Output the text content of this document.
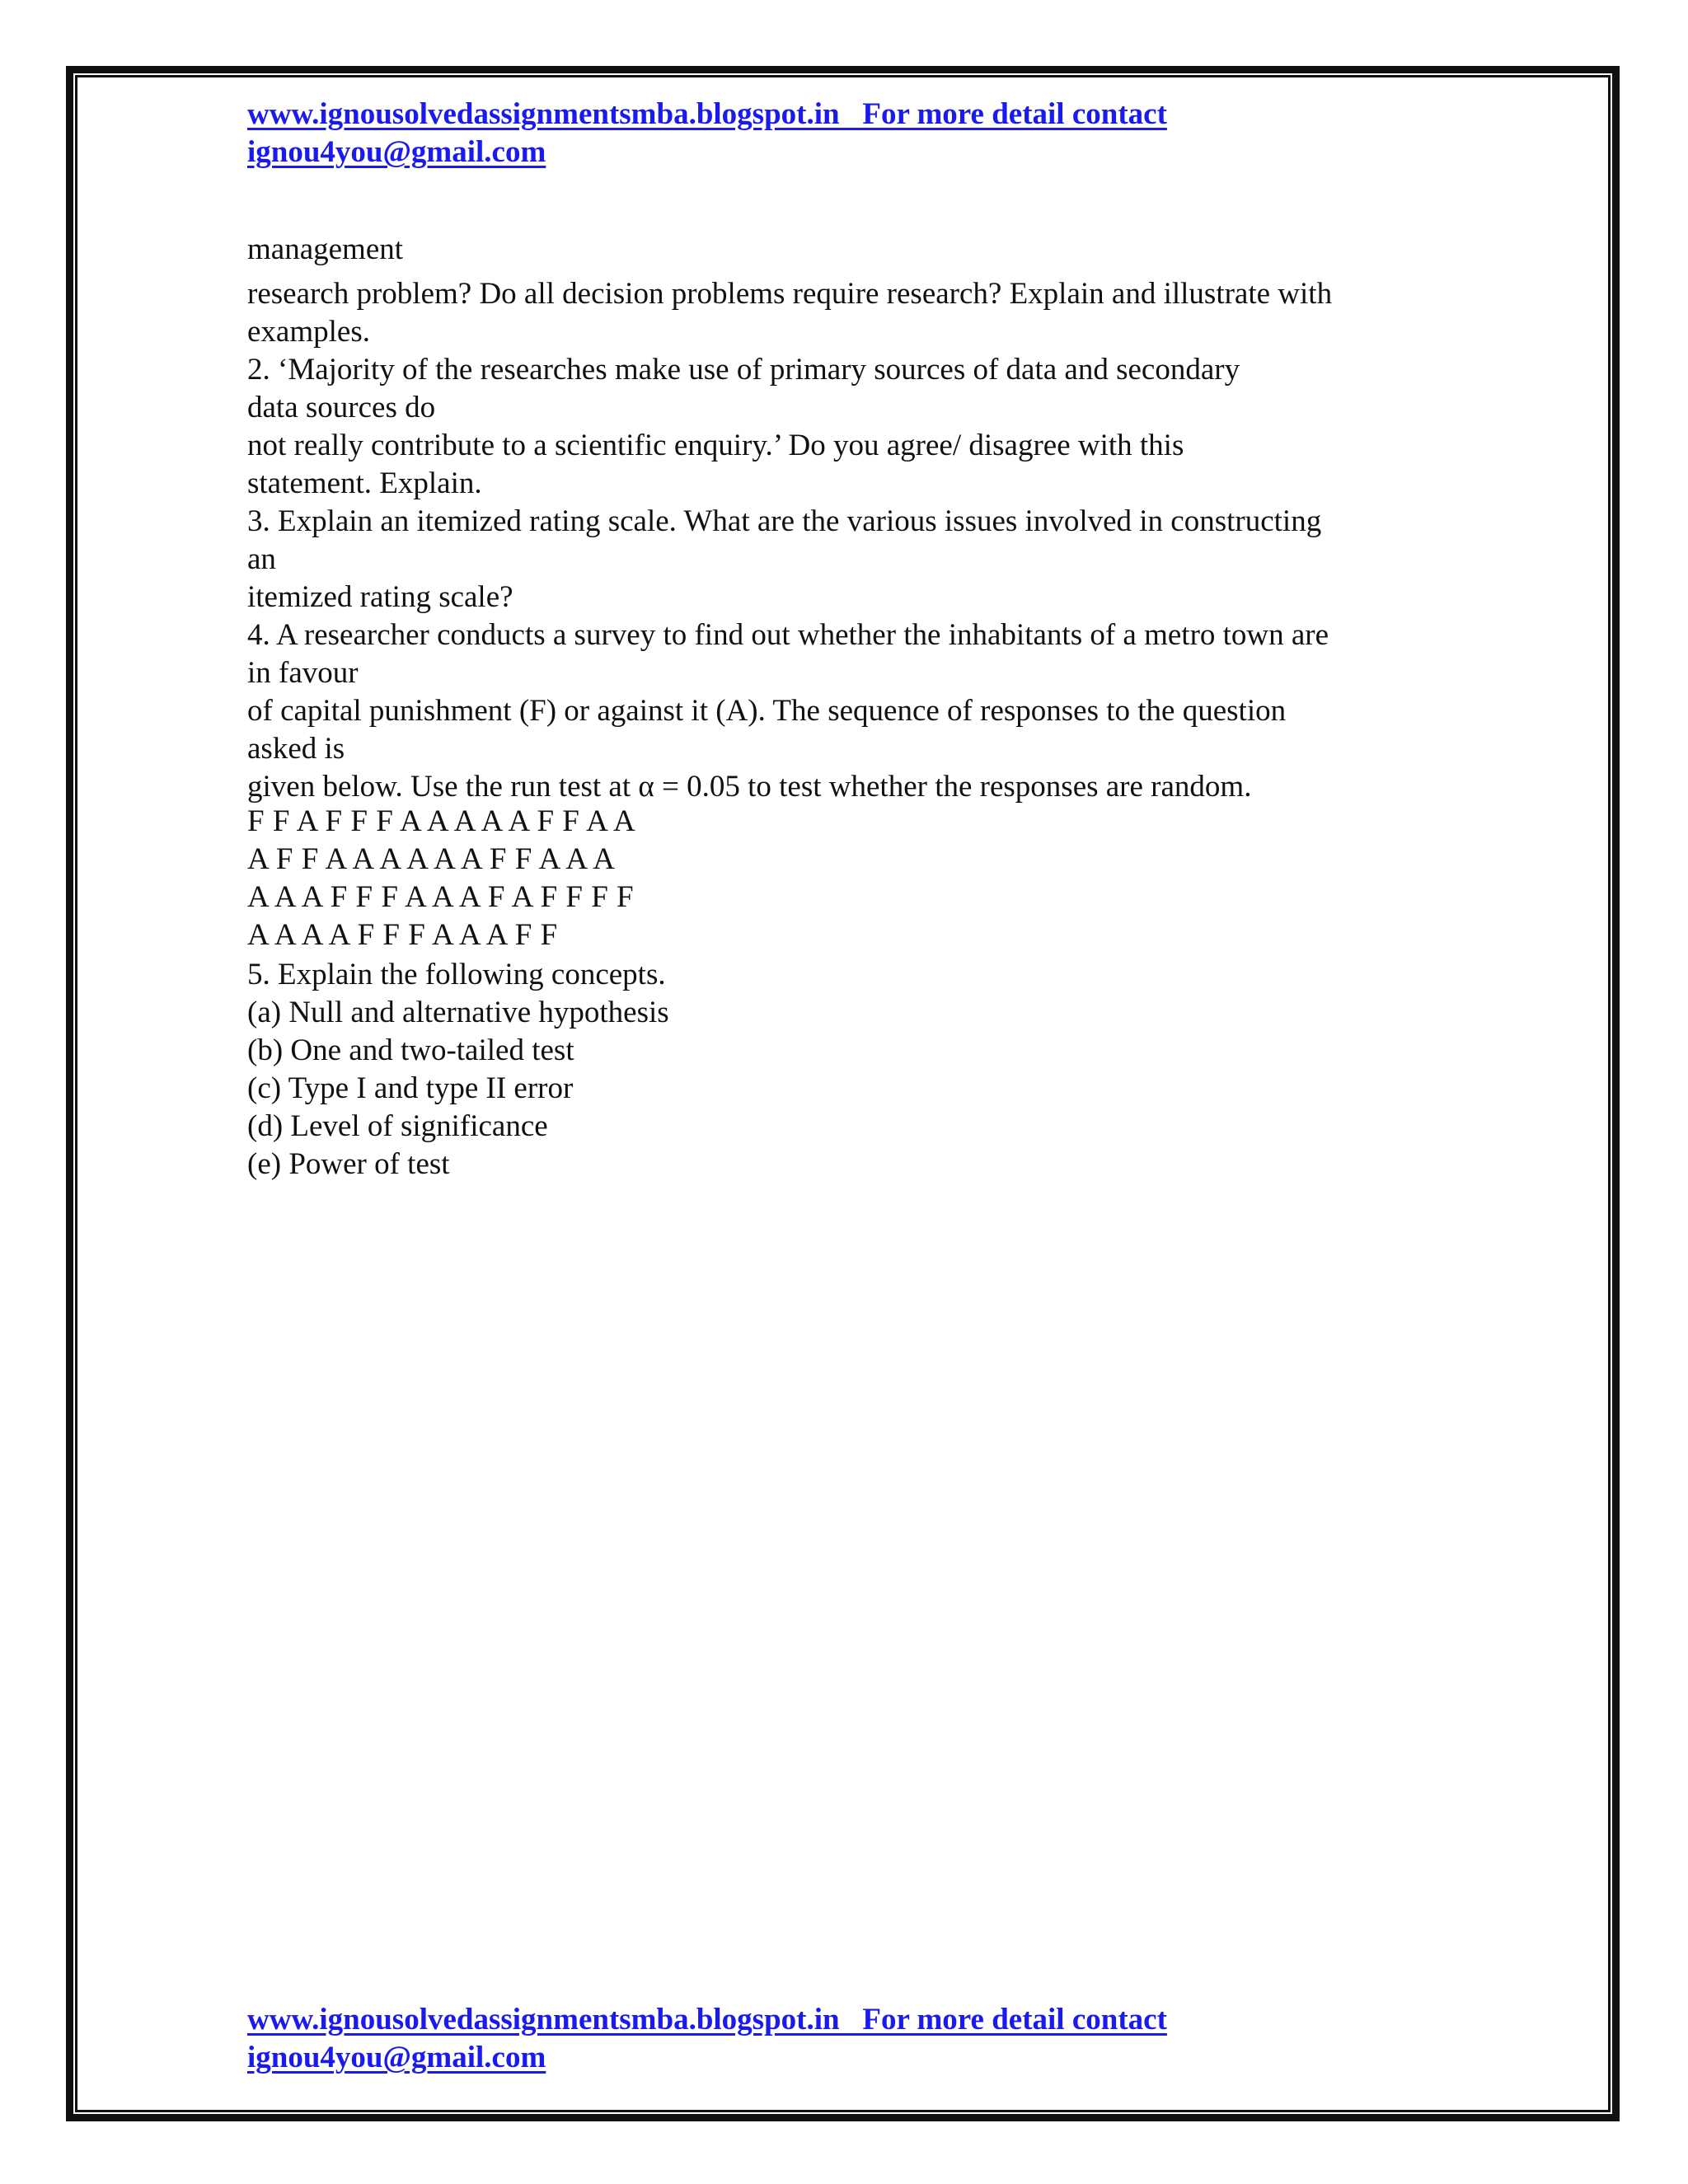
www.ignousolvedassignmentsmba.blogspot.in   For more detail contact
ignou4you@gmail.com
management
research problem? Do all decision problems require research? Explain and illustrate with
examples.
2. ‘Majority of the researches make use of primary sources of data and secondary
data sources do
not really contribute to a scientific enquiry.’ Do you agree/ disagree with this
statement. Explain.
3. Explain an itemized rating scale. What are the various issues involved in constructing
an
itemized rating scale?
4. A researcher conducts a survey to find out whether the inhabitants of a metro town are
in favour
of capital punishment (F) or against it (A). The sequence of responses to the question
asked is
given below. Use the run test at α = 0.05 to test whether the responses are random.
F F A F F F A A A A A F F A A
A F F A A A A A A F F A A A
A A A F F F A A A F A F F F F
A A A A F F F A A A F F
5. Explain the following concepts.
(a) Null and alternative hypothesis
(b) One and two-tailed test
(c) Type I and type II error
(d) Level of significance
(e) Power of test
www.ignousolvedassignmentsmba.blogspot.in   For more detail contact
ignou4you@gmail.com
